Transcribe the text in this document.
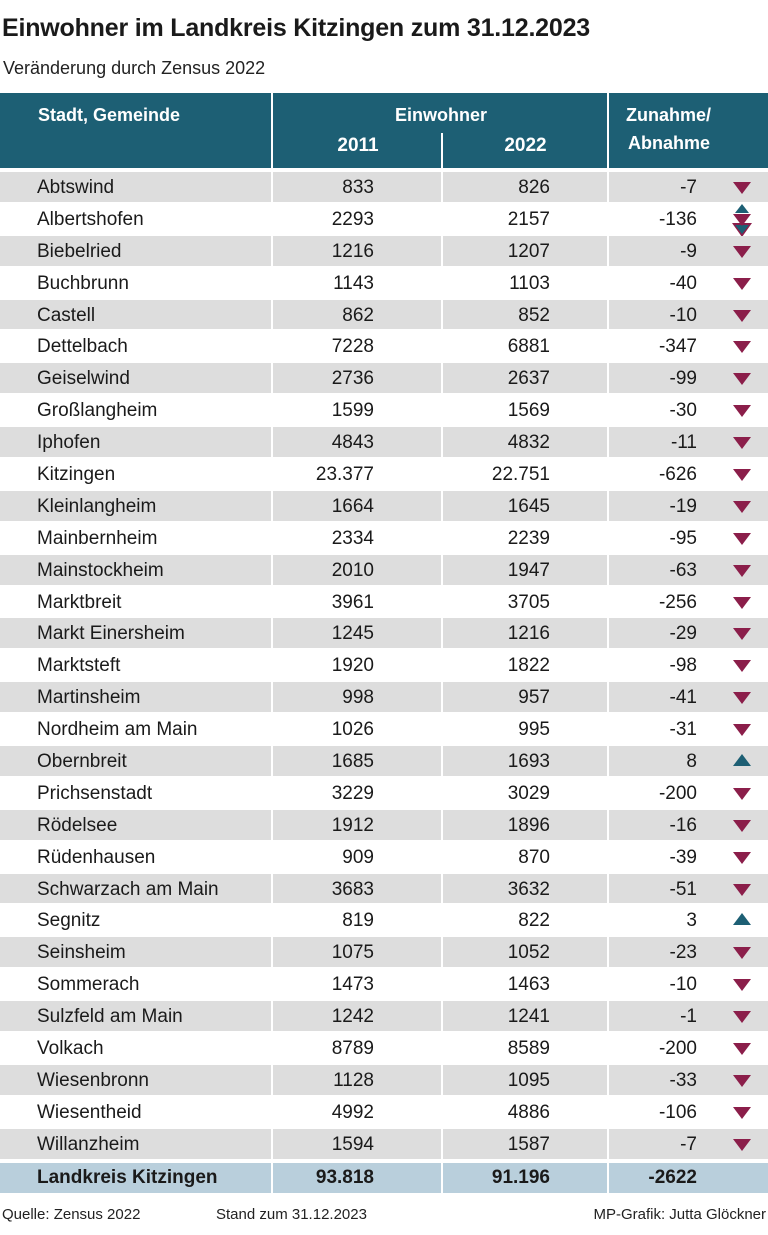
Einwohner im Landkreis Kitzingen zum 31.12.2023
Veränderung durch Zensus 2022
Stadt, Gemeinde	Einwohner
2011	2022
Zunahme/
Abnahme
Abtswind	833	826	-7
Albertshofen	2293	2157	-136
Biebelried	1216	1207	-9
Buchbrunn	1143	1103	-40
Castell	862	852	-10
Dettelbach	7228	6881	-347
Geiselwind	2736	2637	-99
Großlangheim	1599	1569	-30
Iphofen	4843	4832	-11
Kitzingen	23.377	22.751	-626
Kleinlangheim	1664	1645	-19
Mainbernheim	2334	2239	-95
Mainstockheim	2010	1947	-63
Marktbreit	3961	3705	-256
Markt Einersheim	1245	1216	-29
Marktsteft	1920	1822	-98
Martinsheim	998	957	-41
Nordheim am Main	1026	995	-31
Obernbreit	1685	1693	8
Prichsenstadt	3229	3029	-200
Rödelsee	1912	1896	-16
Rüdenhausen	909	870	-39
Schwarzach am Main	3683	3632	-51
Segnitz	819	822	3
Seinsheim	1075	1052	-23
Sommerach	1473	1463	-10
Sulzfeld am Main	1242	1241	-1
Volkach	8789	8589	-200
Wiesenbronn	1128	1095	-33
Wiesentheid	4992	4886	-106
Willanzheim	1594	1587	-7
Landkreis Kitzingen	93.818	91.196	-2622
Quelle: Zensus 2022	Stand zum 31.12.2023	MP-Grafik: Jutta Glöckner
